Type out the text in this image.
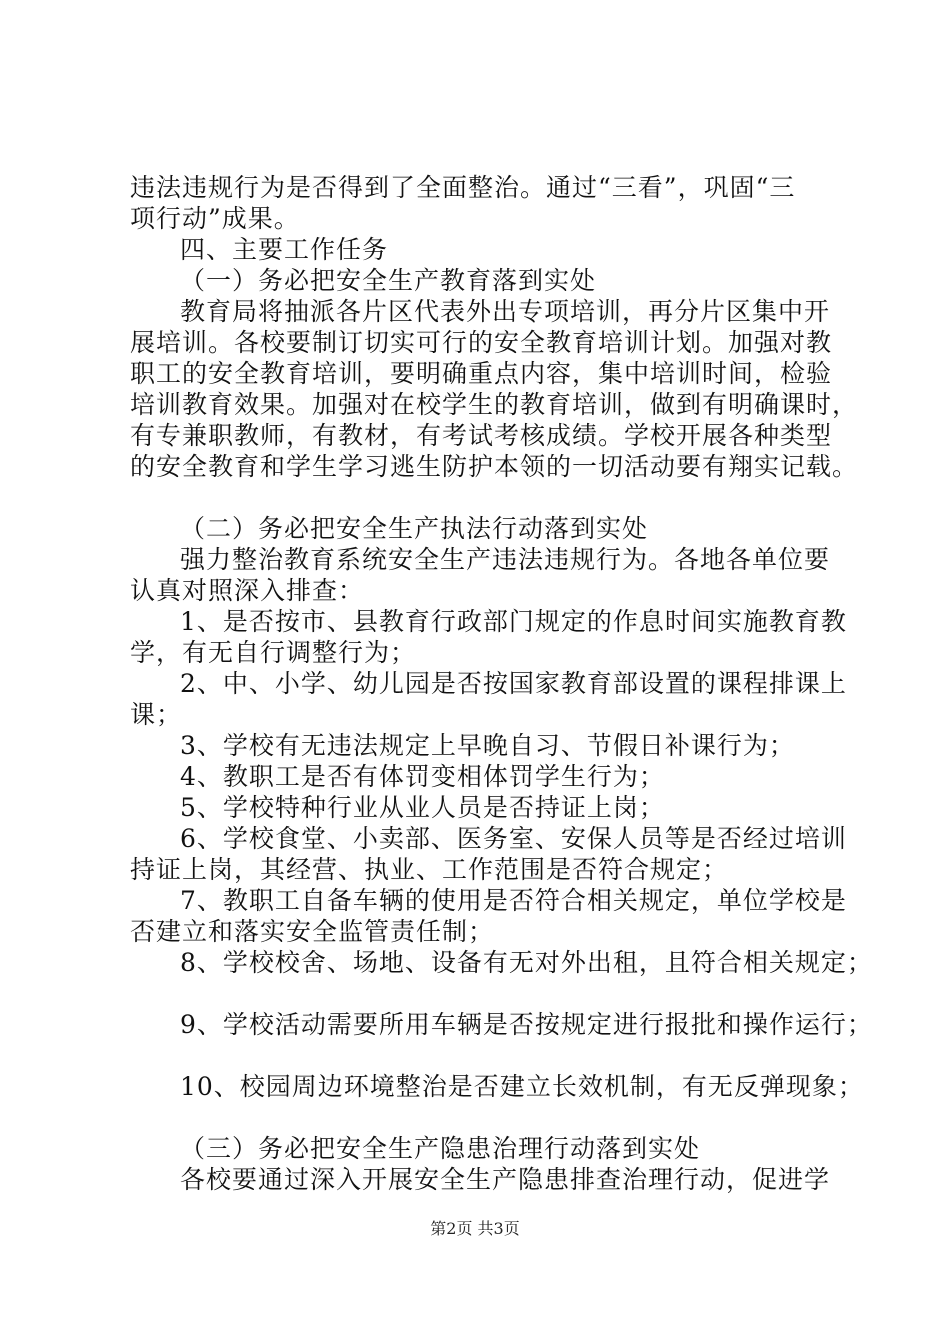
违法违规行为是否得到了全面整治。通过“三看”，巩固“三
项行动”成果。
四、主要工作任务
（一）务必把安全生产教育落到实处
教育局将抽派各片区代表外出专项培训，再分片区集中开
展培训。各校要制订切实可行的安全教育培训计划。加强对教
职工的安全教育培训，要明确重点内容，集中培训时间，检验
培训教育效果。加强对在校学生的教育培训，做到有明确课时，
有专兼职教师，有教材，有考试考核成绩。学校开展各种类型
的安全教育和学生学习逃生防护本领的一切活动要有翔实记载。
（二）务必把安全生产执法行动落到实处
强力整治教育系统安全生产违法违规行为。各地各单位要
认真对照深入排查：
1、是否按市、县教育行政部门规定的作息时间实施教育教
学，有无自行调整行为；
2、中、小学、幼儿园是否按国家教育部设置的课程排课上
课；
3、学校有无违法规定上早晚自习、节假日补课行为；
4、教职工是否有体罚变相体罚学生行为；
5、学校特种行业从业人员是否持证上岗；
6、学校食堂、小卖部、医务室、安保人员等是否经过培训
持证上岗，其经营、执业、工作范围是否符合规定；
7、教职工自备车辆的使用是否符合相关规定，单位学校是
否建立和落实安全监管责任制；
8、学校校舍、场地、设备有无对外出租，且符合相关规定；
9、学校活动需要所用车辆是否按规定进行报批和操作运行；
10、校园周边环境整治是否建立长效机制，有无反弹现象；
（三）务必把安全生产隐患治理行动落到实处
各校要通过深入开展安全生产隐患排查治理行动，促进学
第2页 共3页
